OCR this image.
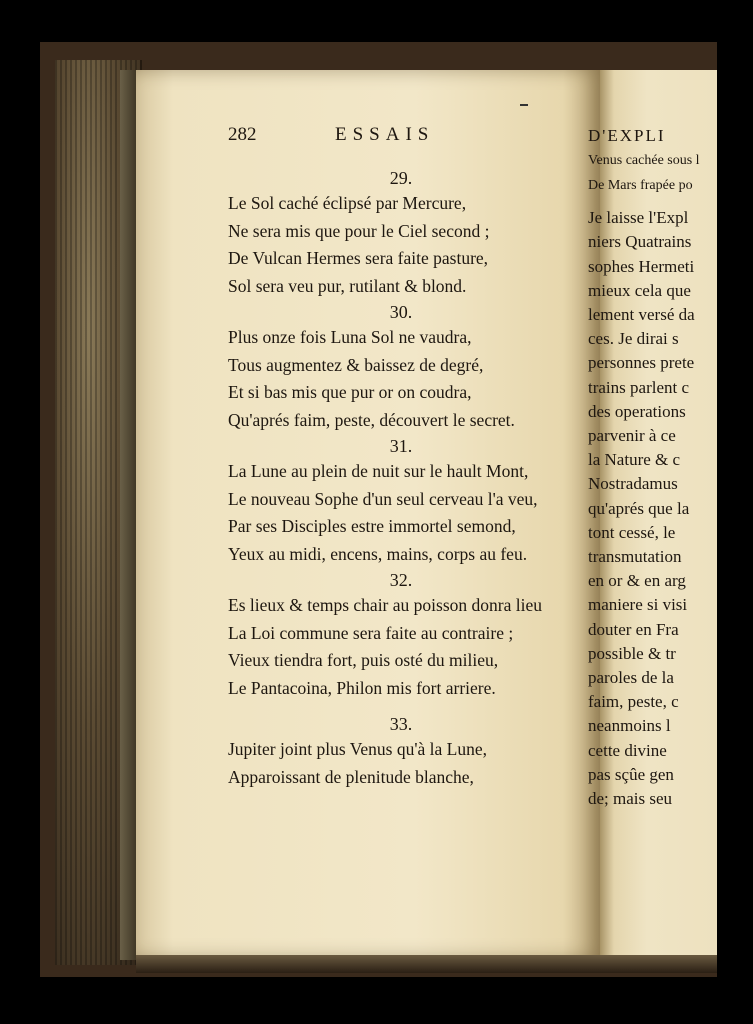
282	ESSAIS
29.
Le Sol caché éclipsé par Mercure,
Ne sera mis que pour le Ciel second ;
De Vulcan Hermes sera faite pasture,
Sol sera veu pur, rutilant & blond.
30.
Plus onze fois Luna Sol ne vaudra,
Tous augmentez & baissez de degré,
Et si bas mis que pur or on coudra,
Qu'aprés faim, peste, découvert le secret.
31.
La Lune au plein de nuit sur le hault Mont,
Le nouveau Sophe d'un seul cerveau l'a veu,
Par ses Disciples estre immortel semond,
Yeux au midi, encens, mains, corps au feu.
32.
Es lieux & temps chair au poisson donra lieu
La Loi commune sera faite au contraire ;
Vieux tiendra fort, puis osté du milieu,
Le Pantacoina, Philon mis fort arriere.
33.
Jupiter joint plus Venus qu'à la Lune,
Apparoissant de plenitude blanche,
D'EXPLI
Venus cachée sous l
De Mars frapée po
Je laisse l'Expl
niers Quatrains
sophes Hermeti
mieux cela que
lement versé da
ces. Je dirai s
personnes prete
trains parlent c
des operations
parvenir à ce
la Nature & c
Nostradamus
qu'aprés que la
tont cessé, le
transmutation
en or & en arg
maniere si visi
douter en Fra
possible & tr
paroles de la
faim, peste, c
neanmoins l
cette divine
pas sçûe gen
de; mais seu
